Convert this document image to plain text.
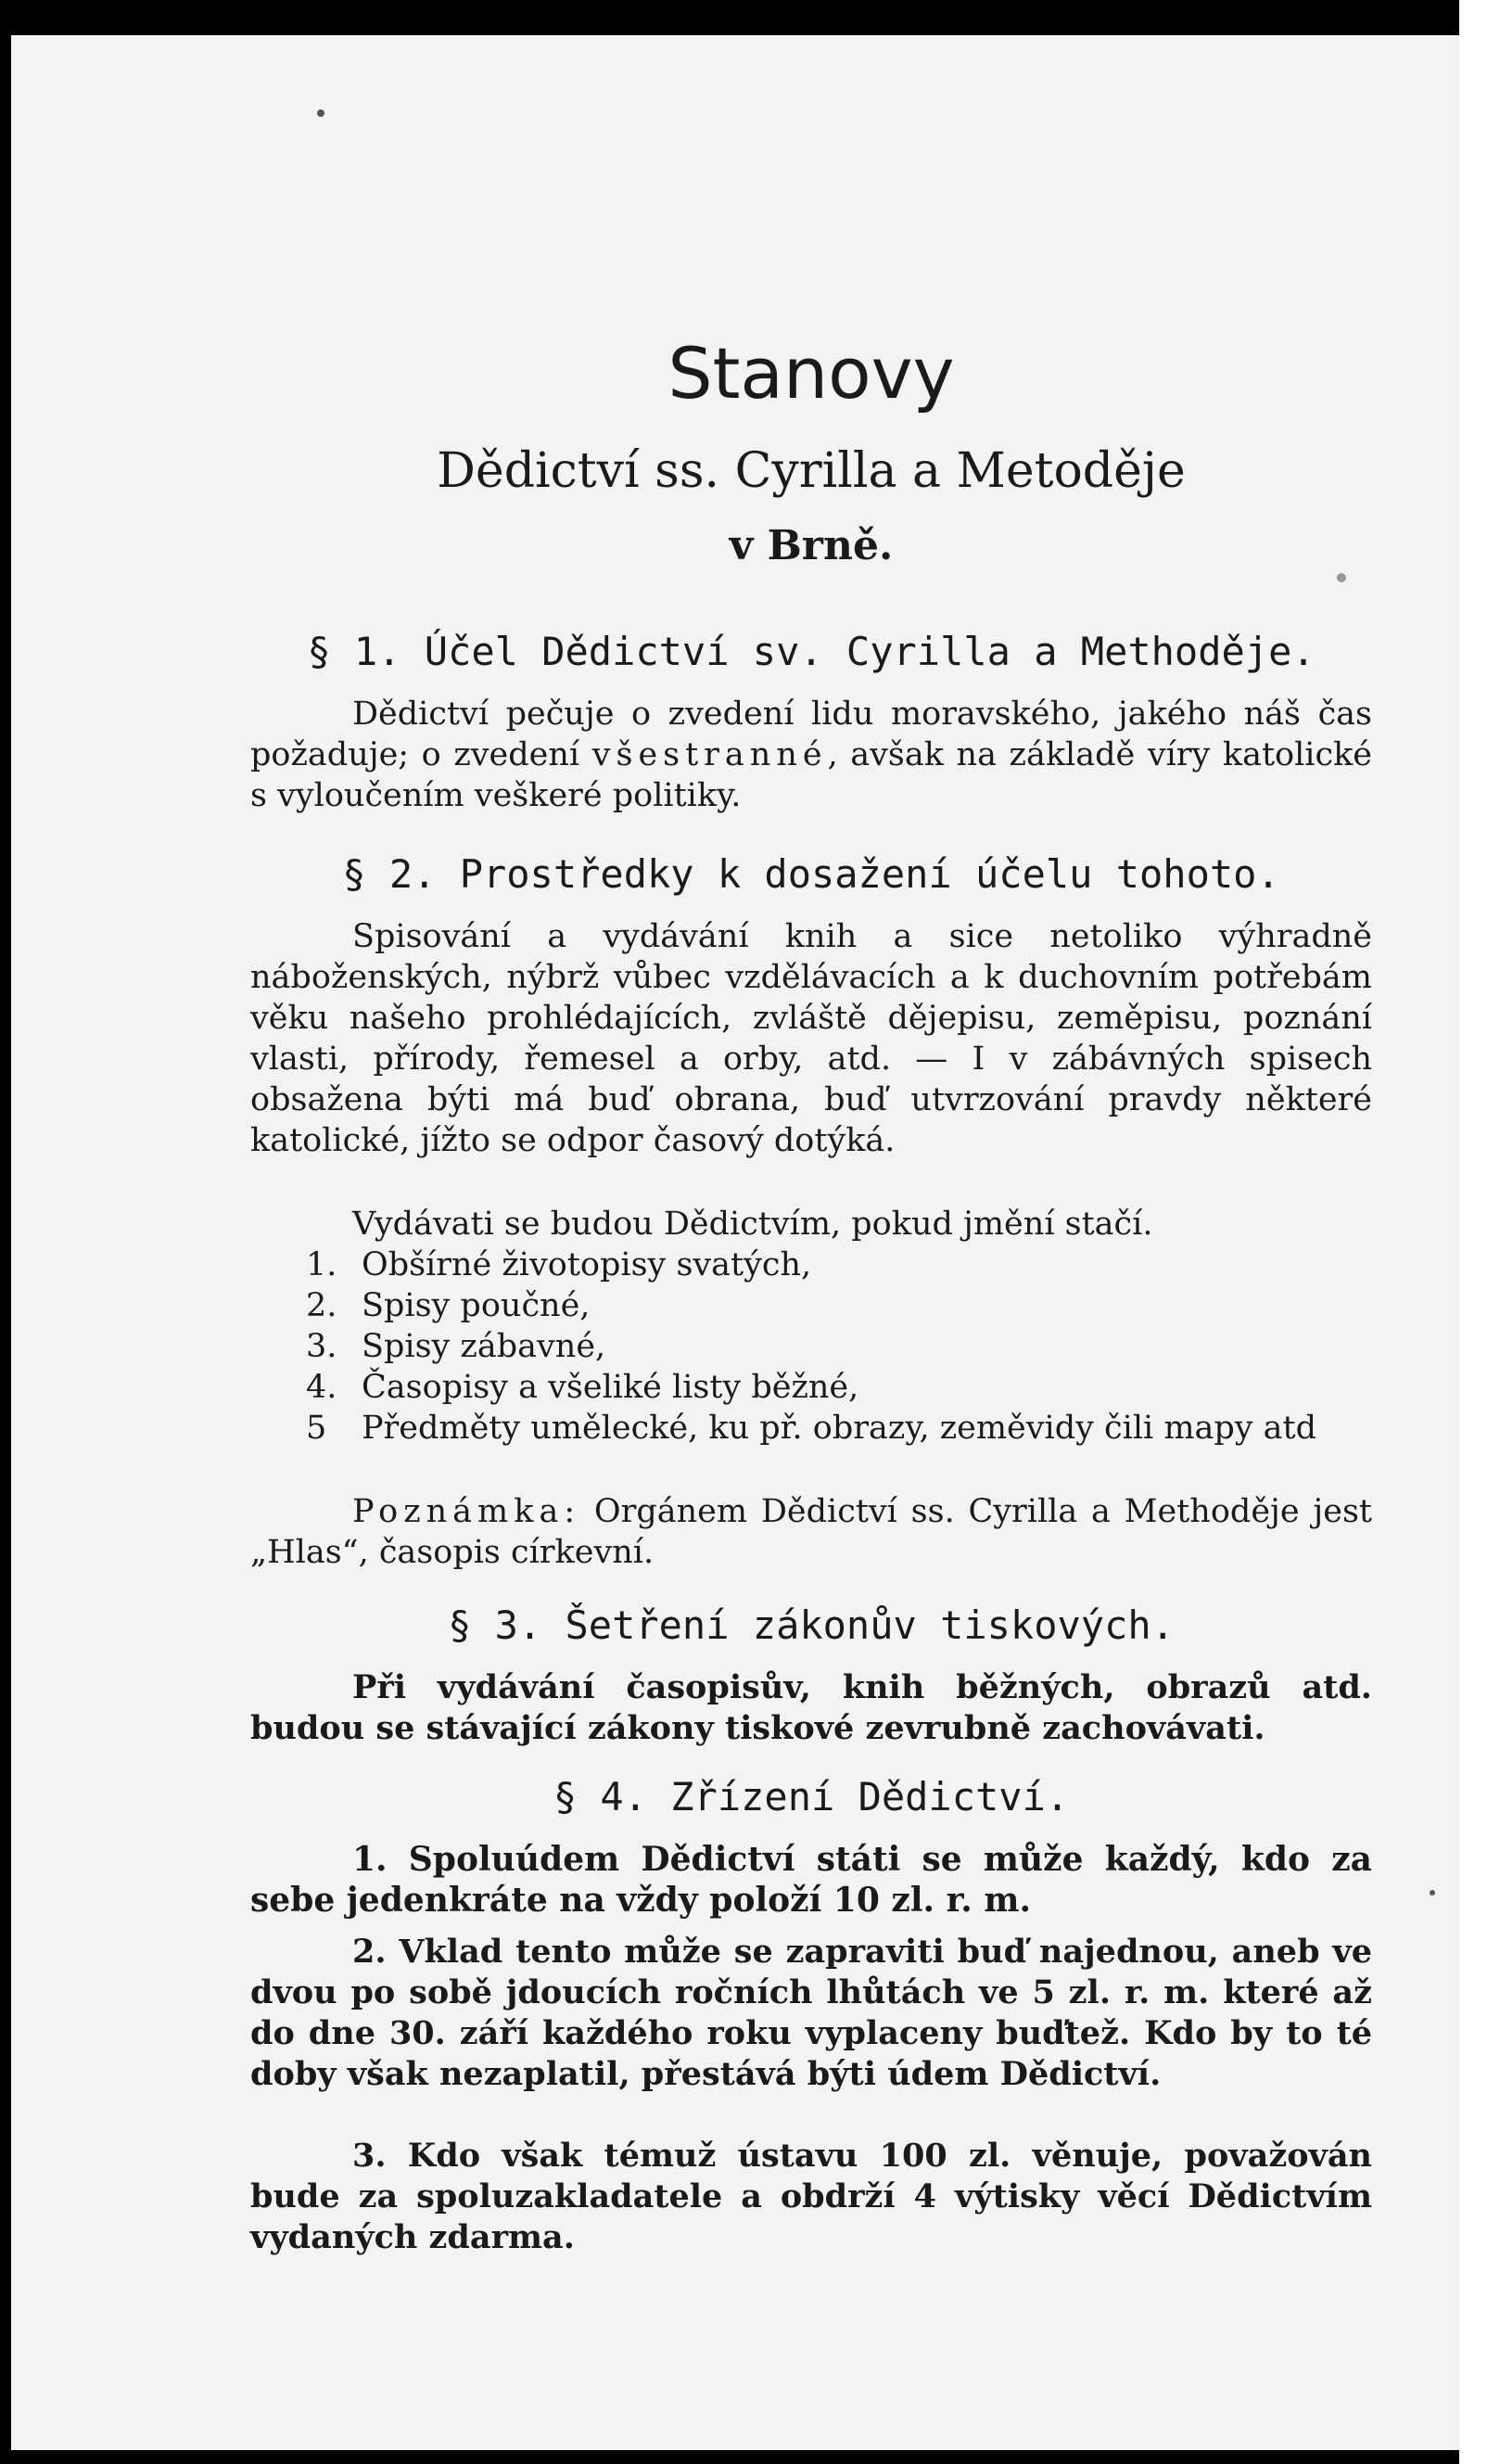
Stanovy
Dědictví ss. Cyrilla a Metoděje
v Brně.
§ 1. Účel Dědictví sv. Cyrilla a Methoděje.

Dědictví pečuje o zvedení lidu moravského, jakého náš čas požaduje; o zvedení všestranné, avšak na základě víry katolické s vyloučením veškeré politiky.

§ 2. Prostředky k dosažení účelu tohoto.

Spisování a vydávání knih a sice netoliko výhradně náboženských, nýbrž vůbec vzdělávacích a k duchovním potřebám věku našeho prohlédajících, zvláště dějepisu, zeměpisu, poznání vlasti, přírody, řemesel a orby, atd. — I v zábávných spisech obsažena býti má buď obrana, buď utvrzování pravdy některé katolické, jížto se odpor časový dotýká.

Vydávati se budou Dědictvím, pokud jmění stačí.

1. Obšírné životopisy svatých,
2. Spisy poučné,
3. Spisy zábavné,
4. Časopisy a všeliké listy běžné,
5	Předměty umělecké, ku př. obrazy, zeměvidy čili mapy atd

Poznámka: Orgánem Dědictví ss. Cyrilla a Methoděje jest „Hlas“, časopis církevní.

§ 3. Šetření zákonův tiskových.

Při vydávání časopisův, knih běžných, obrazů atd. budou se stávající zákony tiskové zevrubně zachovávati.

§ 4. Zřízení Dědictví.

1. Spoluúdem Dědictví státi se může každý, kdo za sebe jedenkráte na vždy položí 10 zl. r. m.

2. Vklad tento může se zapraviti buď najednou, aneb ve dvou po sobě jdoucích ročních lhůtách ve 5 zl. r. m. které až do dne 30. září každého roku vyplaceny buďtež. Kdo by to té doby však nezaplatil, přestává býti údem Dědictví.

3. Kdo však témuž ústavu 100 zl. věnuje, považován bude za spoluzakladatele a obdrží 4 výtisky věcí Dědictvím vydaných zdarma.
